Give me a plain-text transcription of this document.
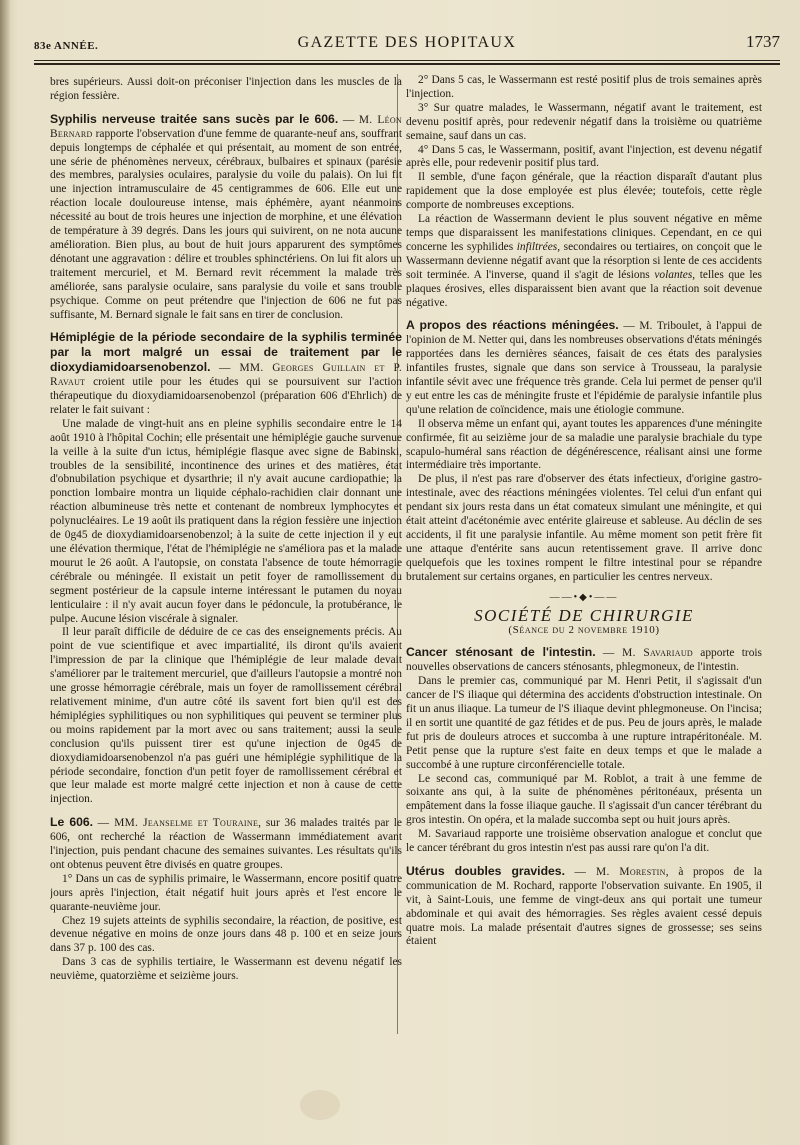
83e ANNÉE.	GAZETTE DES HOPITAUX	1737

bres supérieurs. Aussi doit-on préconiser l'injection dans les muscles de la région fessière.

Syphilis nerveuse traitée sans sucès par le 606. — M. Léon Bernard rapporte l'observation d'une femme de quarante-neuf ans, souffrant depuis longtemps de céphalée et qui présentait, au moment de son entrée, une série de phénomènes nerveux, cérébraux, bulbaires et spinaux (parésie des membres, paralysies oculaires, paralysie du voile du palais). On lui fit une injection intramusculaire de 45 centigrammes de 606. Elle eut une réaction locale douloureuse intense, mais éphémère, ayant néanmoins nécessité au bout de trois heures une injection de morphine, et une élévation de température à 39 degrés. Dans les jours qui suivirent, on ne nota aucune amélioration. Bien plus, au bout de huit jours apparurent des symptômes dénotant une aggravation : délire et troubles sphinctériens. On lui fit alors un traitement mercuriel, et M. Bernard revit récemment la malade très améliorée, sans paralysie oculaire, sans paralysie du voile et sans trouble psychique. Comme on peut prétendre que l'injection de 606 ne fut pas suffisante, M. Bernard signale le fait sans en tirer de conclusion.

Hémiplégie de la période secondaire de la syphilis terminée par la mort malgré un essai de traitement par le dioxydiamidoarsenobenzol. — MM. Georges Guillain et P. Ravaut croient utile pour les études qui se poursuivent sur l'action thérapeutique du dioxydiamidoarsenobenzol (préparation 606 d'Ehrlich) de relater le fait suivant :

Une malade de vingt-huit ans en pleine syphilis secondaire entre le 14 août 1910 à l'hôpital Cochin; elle présentait une hémiplégie gauche survenue la veille à la suite d'un ictus, hémiplégie flasque avec signe de Babinski, troubles de la sensibilité, incontinence des urines et des matières, état d'obnubilation psychique et dysarthrie; il n'y avait aucune cardiopathie; la ponction lombaire montra un liquide céphalo-rachidien clair donnant une réaction albumineuse très nette et contenant de nombreux lymphocytes et polynucléaires. Le 19 août ils pratiquent dans la région fessière une injection de 0g45 de dioxydiamidoarsenobenzol; à la suite de cette injection il y eut une élévation thermique, l'état de l'hémiplégie ne s'améliora pas et la malade mourut le 26 août. A l'autopsie, on constata l'absence de toute hémorragie cérébrale ou méningée. Il existait un petit foyer de ramollissement du segment postérieur de la capsule interne intéressant le putamen du noyau lenticulaire : il n'y avait aucun foyer dans le pédoncule, la protubérance, le pulpe. Aucune lésion viscérale à signaler.

Il leur paraît difficile de déduire de ce cas des enseignements précis. Au point de vue scientifique et avec impartialité, ils diront qu'ils avaient l'impression de par la clinique que l'hémiplégie de leur malade devait s'améliorer par le traitement mercuriel, que d'ailleurs l'autopsie a montré non une grosse hémorragie cérébrale, mais un foyer de ramollissement cérébral relativement minime, d'un autre côté ils savent fort bien qu'il est des hémiplégies syphilitiques ou non syphilitiques qui peuvent se terminer plus ou moins rapidement par la mort avec ou sans traitement; aussi la seule conclusion qu'ils puissent tirer est qu'une injection de 0g45 de dioxydiamidoarsenobenzol n'a pas guéri une hémiplégie syphilitique de la période secondaire, fonction d'un petit foyer de ramollissement cérébral et que leur malade est morte malgré cette injection et non à cause de cette injection.

Le 606. — MM. Jeanselme et Touraine, sur 36 malades traités par le 606, ont recherché la réaction de Wassermann immédiatement avant l'injection, puis pendant chacune des semaines suivantes. Les résultats qu'ils ont obtenus peuvent être divisés en quatre groupes.

1° Dans un cas de syphilis primaire, le Wassermann, encore positif quatre jours après l'injection, était négatif huit jours après et l'est encore le quarante-neuvième jour.

Chez 19 sujets atteints de syphilis secondaire, la réaction, de positive, est devenue négative en moins de onze jours dans 48 p. 100 et en seize jours dans 37 p. 100 des cas.

Dans 3 cas de syphilis tertiaire, le Wassermann est devenu négatif les neuvième, quatorzième et seizième jours.

2° Dans 5 cas, le Wassermann est resté positif plus de trois semaines après l'injection.

3° Sur quatre malades, le Wassermann, négatif avant le traitement, est devenu positif après, pour redevenir négatif dans la troisième ou quatrième semaine, sauf dans un cas.

4° Dans 5 cas, le Wassermann, positif, avant l'injection, est devenu négatif après elle, pour redevenir positif plus tard.

Il semble, d'une façon générale, que la réaction disparaît d'autant plus rapidement que la dose employée est plus élevée; toutefois, cette règle comporte de nombreuses exceptions.

La réaction de Wassermann devient le plus souvent négative en même temps que disparaissent les manifestations cliniques. Cependant, en ce qui concerne les syphilides infiltrées, secondaires ou tertiaires, on conçoit que le Wassermann devienne négatif avant que la résorption si lente de ces accidents soit terminée. A l'inverse, quand il s'agit de lésions volantes, telles que les plaques érosives, elles disparaissent bien avant que la réaction soit devenue négative.

A propos des réactions méningées. — M. Triboulet, à l'appui de l'opinion de M. Netter qui, dans les nombreuses observations d'états méningés rapportées dans les dernières séances, faisait de ces états des paralysies infantiles frustes, signale que dans son service à Trousseau, la paralysie infantile sévit avec une fréquence très grande. Cela lui permet de penser qu'il y eut entre les cas de méningite fruste et l'épidémie de paralysie infantile plus qu'une relation de coïncidence, mais une étiologie commune.

Il observa même un enfant qui, ayant toutes les apparences d'une méningite confirmée, fit au seizième jour de sa maladie une paralysie brachiale du type scapulo-huméral sans réaction de dégénérescence, réalisant ainsi une forme intermédiaire très importante.

De plus, il n'est pas rare d'observer des états infectieux, d'origine gastro-intestinale, avec des réactions méningées violentes. Tel celui d'un enfant qui pendant six jours resta dans un état comateux simulant une méningite, et qui était atteint d'acétonémie avec entérite glaireuse et sableuse. Au déclin de ses accidents, il fit une paralysie infantile. Au même moment son petit frère fit une attaque d'entérite sans aucun retentissement grave. Il arrive donc quelquefois que les toxines rompent le filtre intestinal pour se répandre brutalement sur certains organes, en particulier les centres nerveux.

——•◆•——
SOCIÉTÉ DE CHIRURGIE
(Séance du 2 novembre 1910)

Cancer sténosant de l'intestin. — M. Savariaud apporte trois nouvelles observations de cancers sténosants, phlegmoneux, de l'intestin.

Dans le premier cas, communiqué par M. Henri Petit, il s'agissait d'un cancer de l'S iliaque qui détermina des accidents d'obstruction intestinale. On fit un anus iliaque. La tumeur de l'S iliaque devint phlegmoneuse. On l'incisa; il en sortit une quantité de gaz fétides et de pus. Peu de jours après, le malade fut pris de douleurs atroces et succomba à une rupture intrapéritonéale. M. Petit pense que la rupture s'est faite en deux temps et que le malade a succombé à une rupture circonférencielle totale.

Le second cas, communiqué par M. Roblot, a trait à une femme de soixante ans qui, à la suite de phénomènes péritonéaux, présenta un empâtement dans la fosse iliaque gauche. Il s'agissait d'un cancer térébrant du gros intestin. On opéra, et la malade succomba sept ou huit jours après.

M. Savariaud rapporte une troisième observation analogue et conclut que le cancer térébrant du gros intestin n'est pas aussi rare qu'on l'a dit.

Utérus doubles gravides. — M. Morestin, à propos de la communication de M. Rochard, rapporte l'observation suivante. En 1905, il vit, à Saint-Louis, une femme de vingt-deux ans qui portait une tumeur abdominale et qui avait des hémorragies. Ses règles avaient cessé depuis quatre mois. La malade présentait d'autres signes de grossesse; ses seins étaient
